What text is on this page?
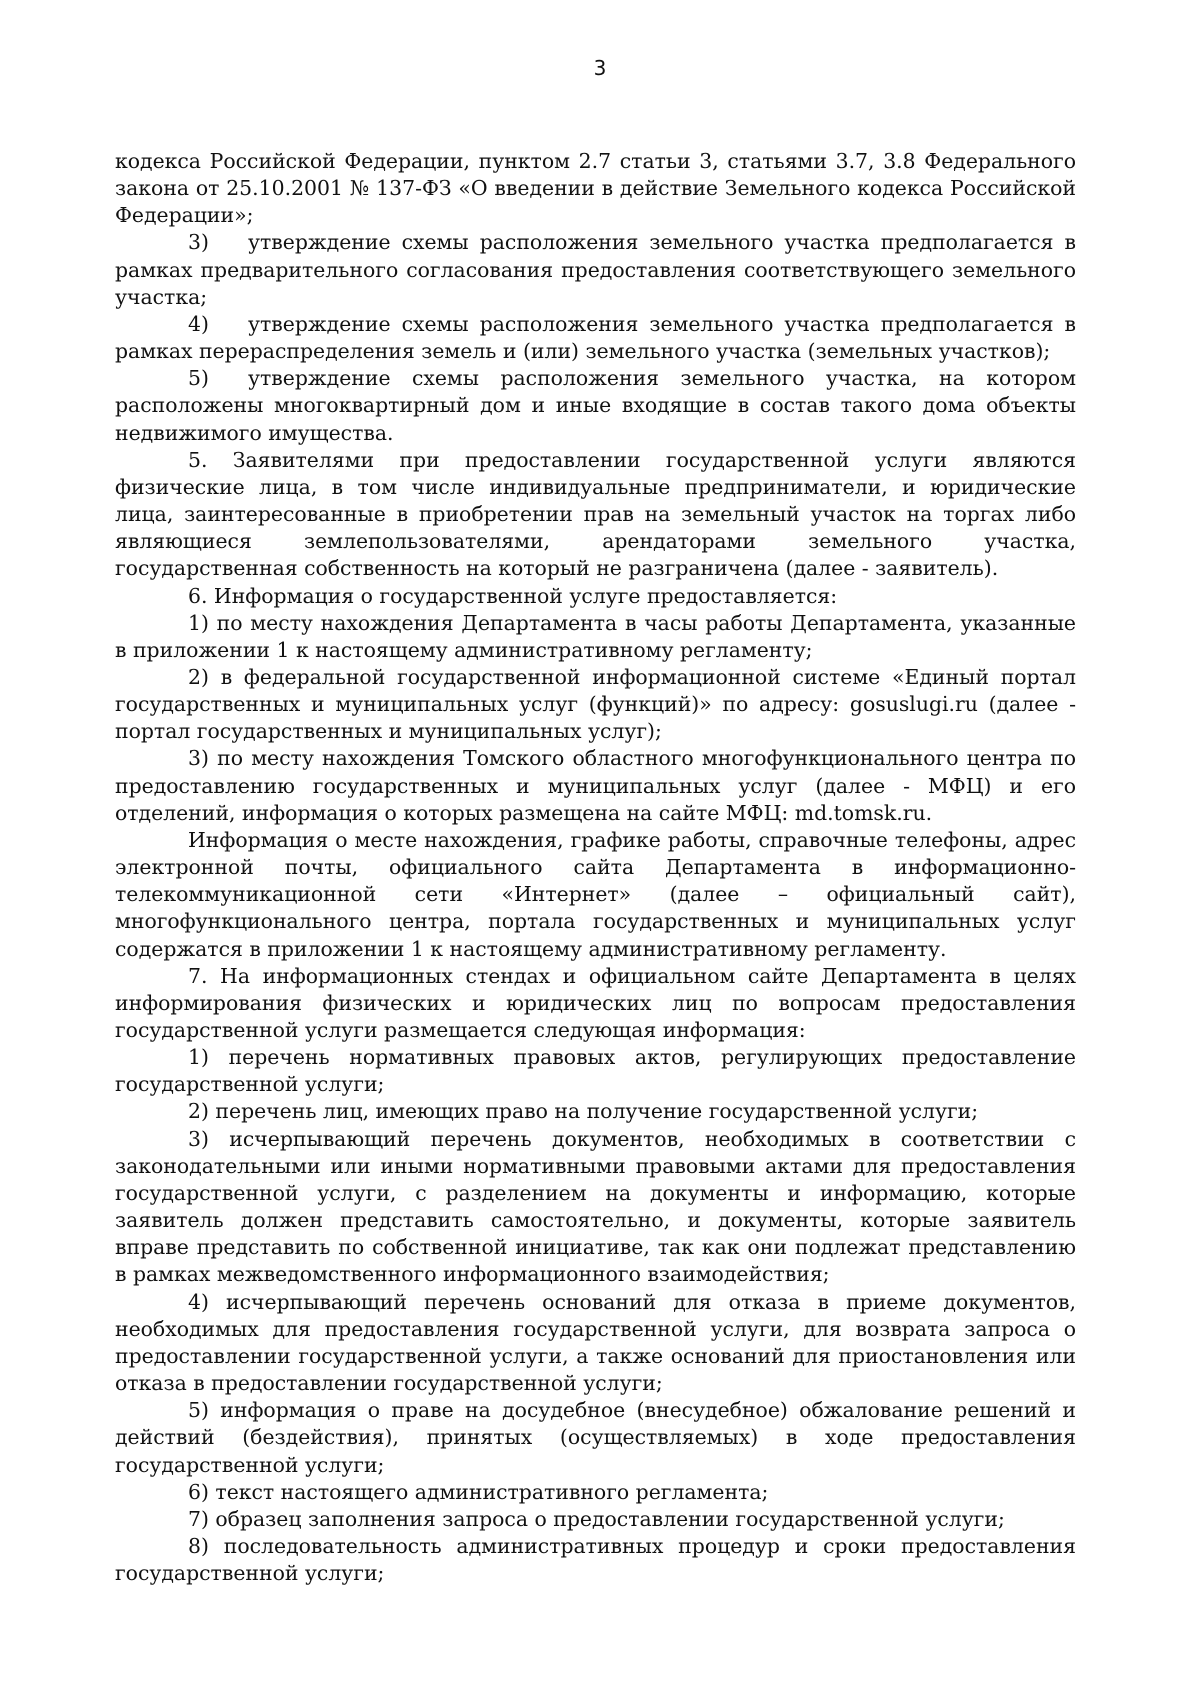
3

кодекса Российской Федерации, пунктом 2.7 статьи 3, статьями 3.7, 3.8 Федерального закона от 25.10.2001 № 137-ФЗ «О введении в действие Земельного кодекса Российской Федерации»;

3) утверждение схемы расположения земельного участка предполагается в рамках предварительного согласования предоставления соответствующего земельного участка;

4) утверждение схемы расположения земельного участка предполагается в рамках перераспределения земель и (или) земельного участка (земельных участков);

5) утверждение схемы расположения земельного участка, на котором расположены многоквартирный дом и иные входящие в состав такого дома объекты недвижимого имущества.

5. Заявителями при предоставлении государственной услуги являются физические лица, в том числе индивидуальные предприниматели, и юридические лица, заинтересованные в приобретении прав на земельный участок на торгах либо являющиеся землепользователями, арендаторами земельного участка, государственная собственность на который не разграничена (далее - заявитель).

6. Информация о государственной услуге предоставляется:

1) по месту нахождения Департамента в часы работы Департамента, указанные в приложении 1 к настоящему административному регламенту;

2) в федеральной государственной информационной системе «Единый портал государственных и муниципальных услуг (функций)» по адресу: gosuslugi.ru (далее - портал государственных и муниципальных услуг);

3) по месту нахождения Томского областного многофункционального центра по предоставлению государственных и муниципальных услуг (далее - МФЦ) и его отделений, информация о которых размещена на сайте МФЦ: md.tomsk.ru.

Информация о месте нахождения, графике работы, справочные телефоны, адрес электронной почты, официального сайта Департамента в информационно-телекоммуникационной сети «Интернет» (далее – официальный сайт), многофункционального центра, портала государственных и муниципальных услуг содержатся в приложении 1 к настоящему административному регламенту.

7. На информационных стендах и официальном сайте Департамента в целях информирования физических и юридических лиц по вопросам предоставления государственной услуги размещается следующая информация:

1) перечень нормативных правовых актов, регулирующих предоставление государственной услуги;

2) перечень лиц, имеющих право на получение государственной услуги;

3) исчерпывающий перечень документов, необходимых в соответствии с законодательными или иными нормативными правовыми актами для предоставления государственной услуги, с разделением на документы и информацию, которые заявитель должен представить самостоятельно, и документы, которые заявитель вправе представить по собственной инициативе, так как они подлежат представлению в рамках межведомственного информационного взаимодействия;

4) исчерпывающий перечень оснований для отказа в приеме документов, необходимых для предоставления государственной услуги, для возврата запроса о предоставлении государственной услуги, а также оснований для приостановления или отказа в предоставлении государственной услуги;

5) информация о праве на досудебное (внесудебное) обжалование решений и действий (бездействия), принятых (осуществляемых) в ходе предоставления государственной услуги;

6) текст настоящего административного регламента;

7) образец заполнения запроса о предоставлении государственной услуги;

8) последовательность административных процедур и сроки предоставления государственной услуги;
